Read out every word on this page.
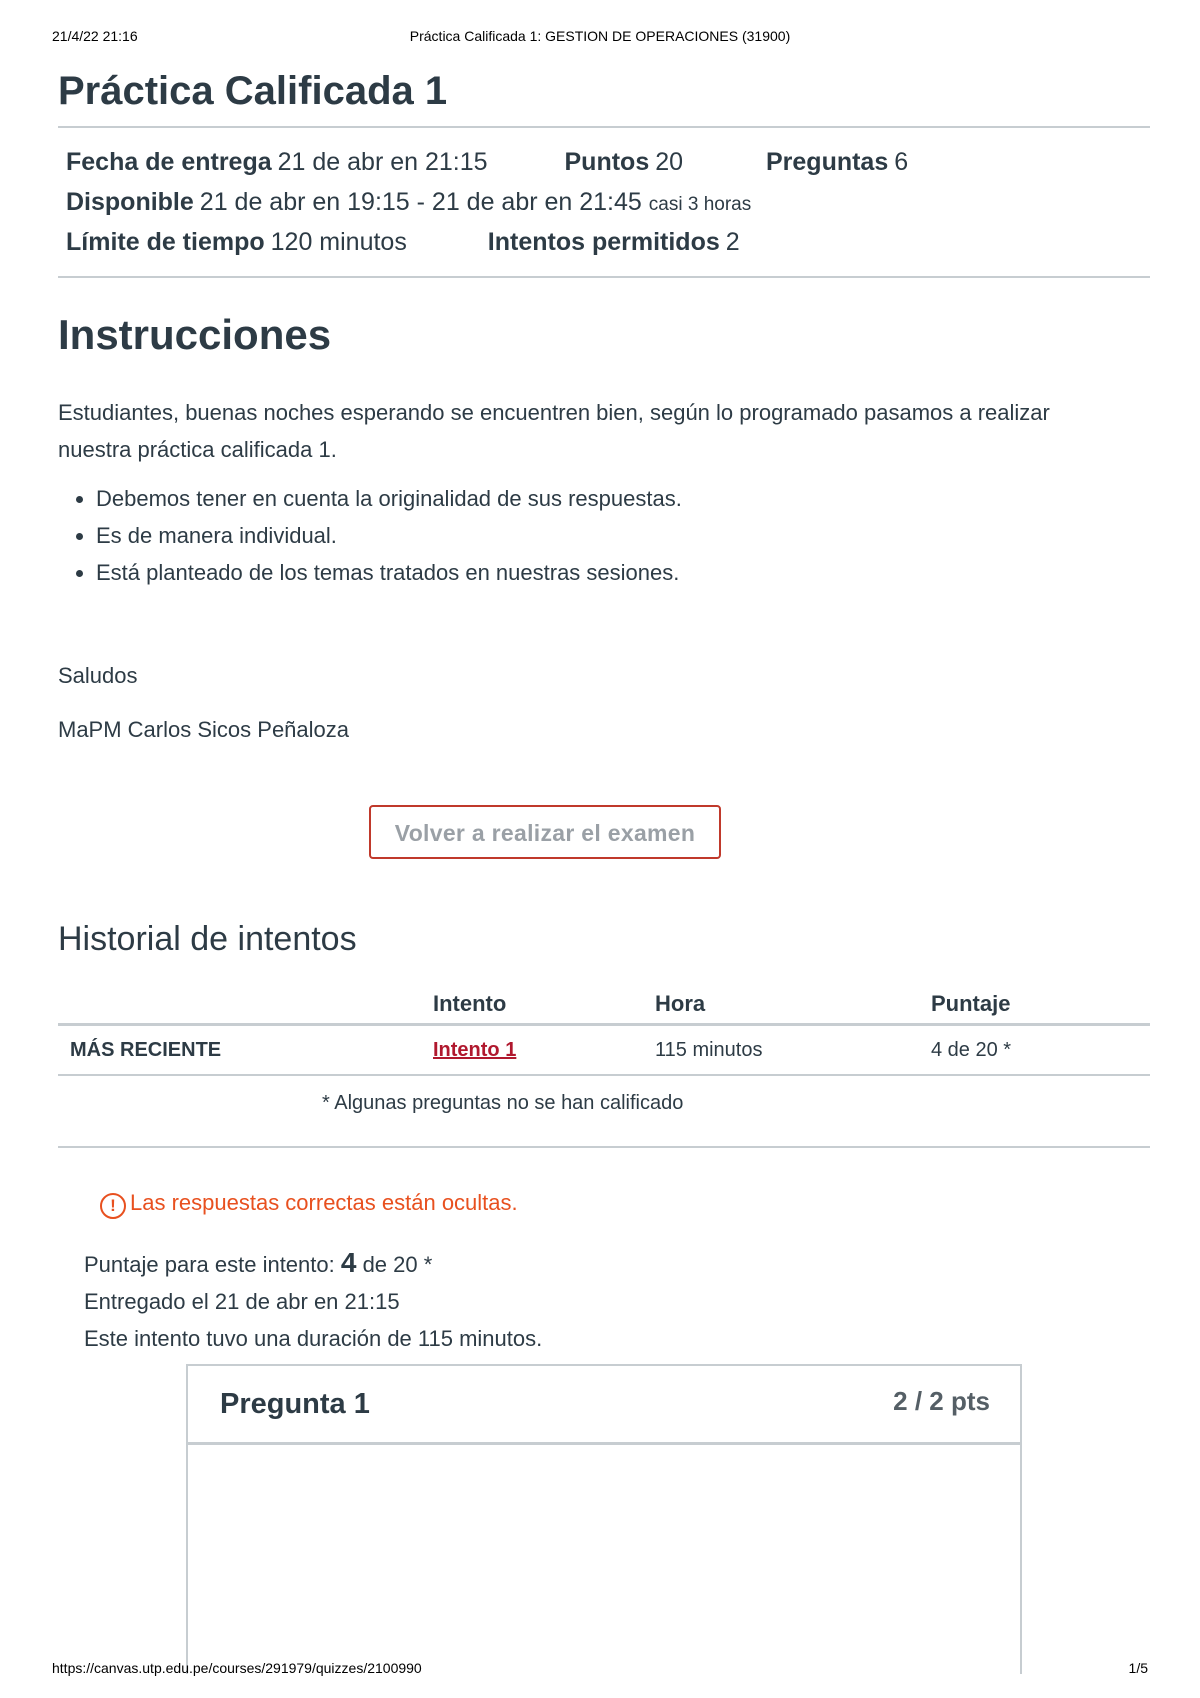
21/4/22 21:16	Práctica Calificada 1: GESTION DE OPERACIONES (31900)
Práctica Calificada 1
Fecha de entrega 21 de abr en 21:15	Puntos 20	Preguntas 6
Disponible 21 de abr en 19:15 - 21 de abr en 21:45 casi 3 horas
Límite de tiempo 120 minutos	Intentos permitidos 2
Instrucciones

Estudiantes, buenas noches esperando se encuentren bien, según lo programado pasamos a realizar nuestra práctica calificada 1.

• Debemos tener en cuenta la originalidad de sus respuestas.
• Es de manera individual.
• Está planteado de los temas tratados en nuestras sesiones.

Saludos

MaPM Carlos Sicos Peñaloza

Volver a realizar el examen
Historial de intentos
	Intento	Hora	Puntaje
MÁS RECIENTE	Intento 1	115 minutos	4 de 20 *
* Algunas preguntas no se han calificado
! Las respuestas correctas están ocultas.
Puntaje para este intento: 4 de 20 *
Entregado el 21 de abr en 21:15
Este intento tuvo una duración de 115 minutos.
Pregunta 1	2 / 2 pts
https://canvas.utp.edu.pe/courses/291979/quizzes/2100990	1/5
